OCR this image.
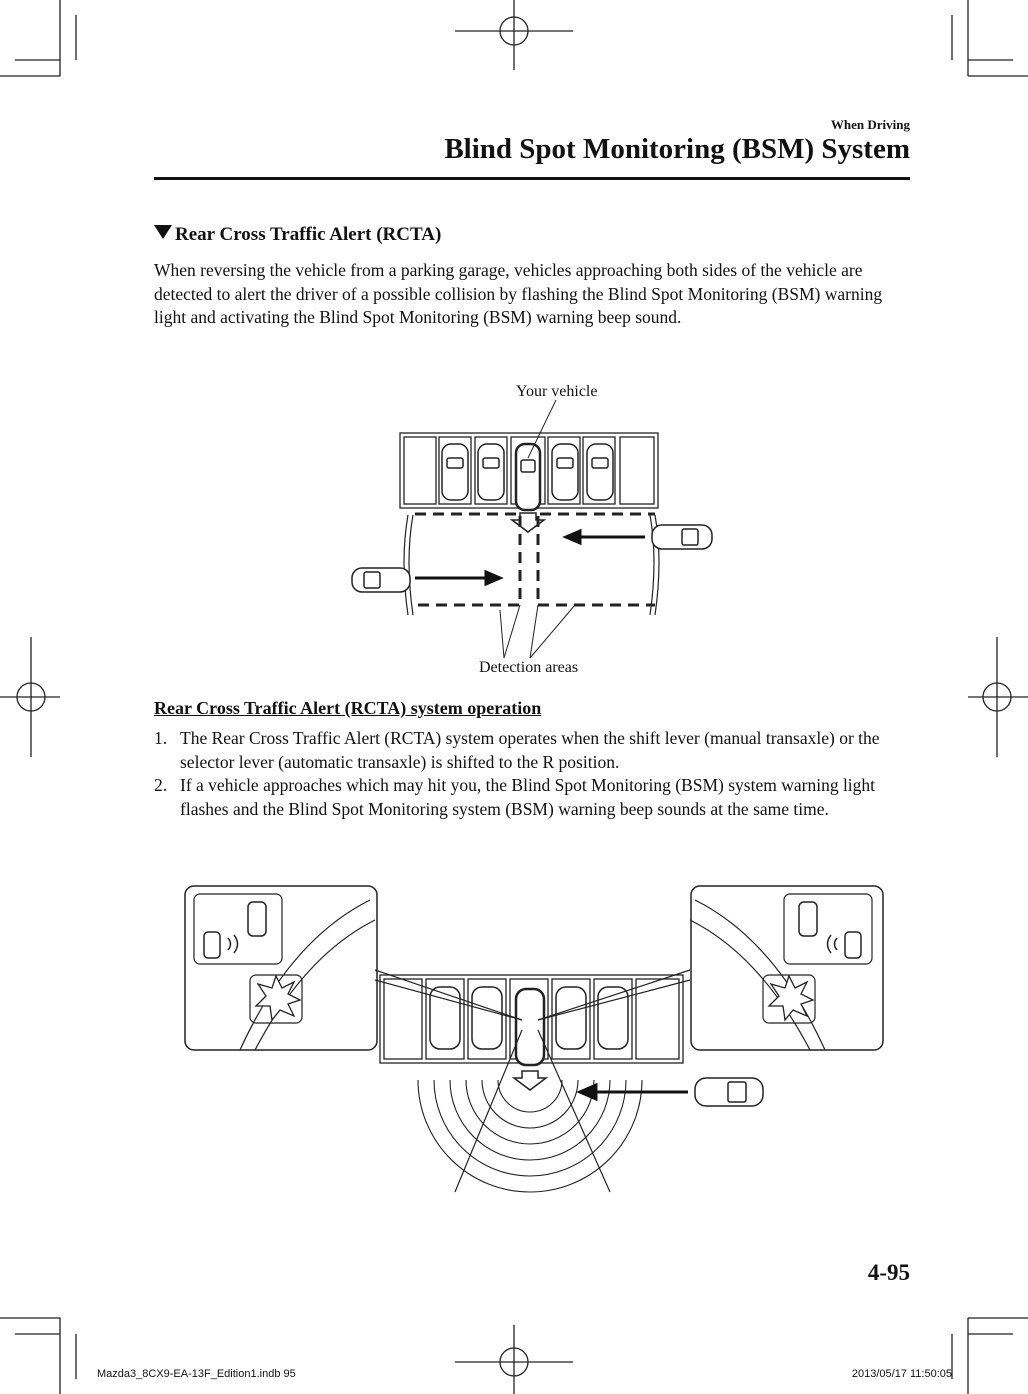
When Driving
Blind Spot Monitoring (BSM) System
Rear Cross Traffic Alert (RCTA)
When reversing the vehicle from a parking garage, vehicles approaching both sides of the vehicle are detected to alert the driver of a possible collision by flashing the Blind Spot Monitoring (BSM) warning light and activating the Blind Spot Monitoring (BSM) warning beep sound.
Your vehicle
Detection areas
Rear Cross Traffic Alert (RCTA) system operation
1. The Rear Cross Traffic Alert (RCTA) system operates when the shift lever (manual transaxle) or the selector lever (automatic transaxle) is shifted to the R position.
2. If a vehicle approaches which may hit you, the Blind Spot Monitoring (BSM) system warning light flashes and the Blind Spot Monitoring system (BSM) warning beep sounds at the same time.
4-95
Mazda3_8CX9-EA-13F_Edition1.indb 95	2013/05/17 11:50:05
